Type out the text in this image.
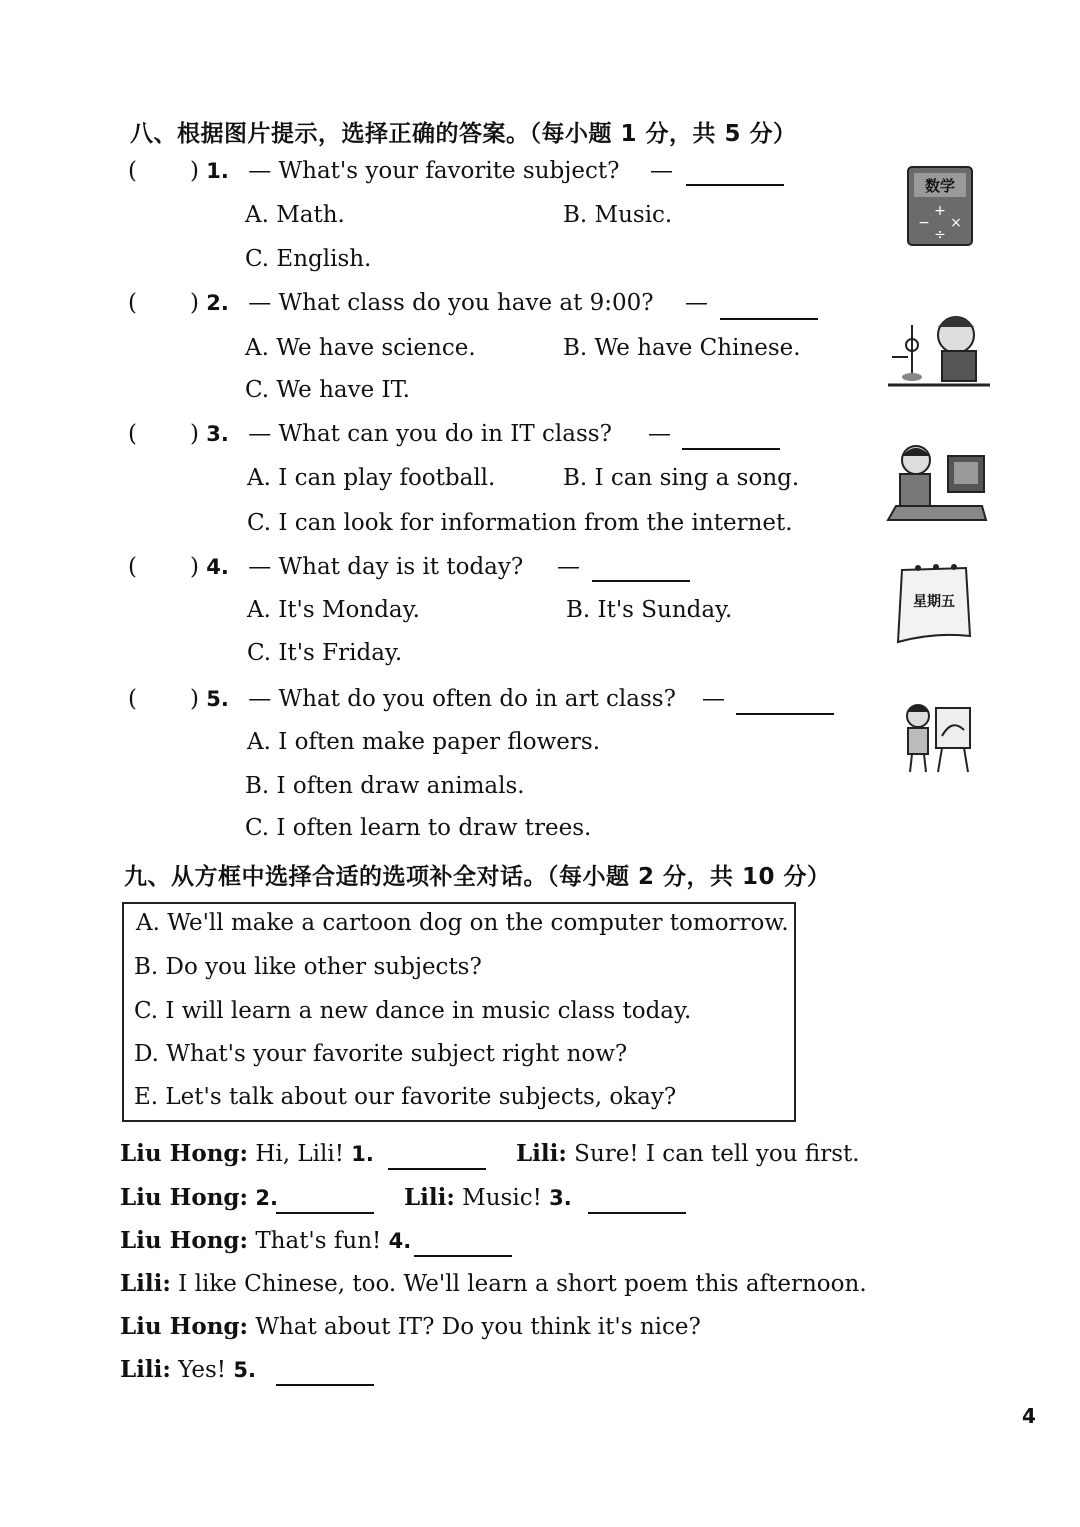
八、根据图片提示，选择正确的答案。（每小题 1 分，共 5 分）
( ) 1. — What's your favorite subject? —
A. Math.	B. Music.
C. English.
数学
+
− ×
÷
( ) 2. — What class do you have at 9:00? —
A. We have science.	B. We have Chinese.
C. We have IT.
( ) 3. — What can you do in IT class? —
A. I can play football.	B. I can sing a song.
C. I can look for information from the internet.
( ) 4. — What day is it today? —
A. It's Monday.	B. It's Sunday.
C. It's Friday.
星期五
( ) 5. — What do you often do in art class? —
A. I often make paper flowers.
B. I often draw animals.
C. I often learn to draw trees.
九、从方框中选择合适的选项补全对话。（每小题 2 分，共 10 分）
A. We'll make a cartoon dog on the computer tomorrow.
B. Do you like other subjects?
C. I will learn a new dance in music class today.
D. What's your favorite subject right now?
E. Let's talk about our favorite subjects, okay?
Liu Hong: Hi, Lili! 1.	Lili: Sure! I can tell you first.
Liu Hong: 2.	Lili: Music! 3.
Liu Hong: That's fun! 4.
Lili: I like Chinese, too. We'll learn a short poem this afternoon.
Liu Hong: What about IT? Do you think it's nice?
Lili: Yes! 5.
4
